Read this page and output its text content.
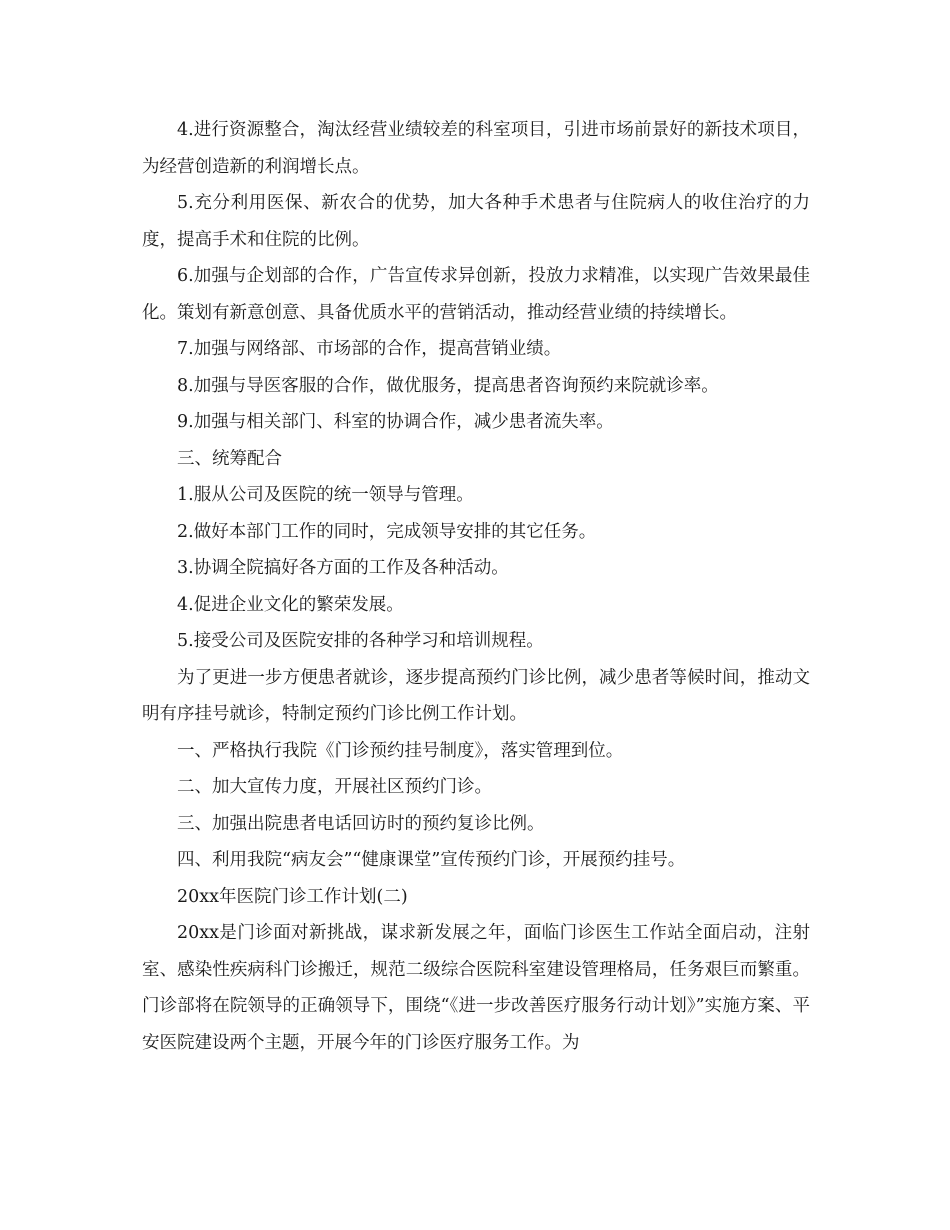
4.进行资源整合，淘汰经营业绩较差的科室项目，引进市场前景好的新技术项目，为经营创造新的利润增长点。

5.充分利用医保、新农合的优势，加大各种手术患者与住院病人的收住治疗的力度，提高手术和住院的比例。

6.加强与企划部的合作，广告宣传求异创新，投放力求精准，以实现广告效果最佳化。策划有新意创意、具备优质水平的营销活动，推动经营业绩的持续增长。

7.加强与网络部、市场部的合作，提高营销业绩。

8.加强与导医客服的合作，做优服务，提高患者咨询预约来院就诊率。

9.加强与相关部门、科室的协调合作，减少患者流失率。

三、统筹配合

1.服从公司及医院的统一领导与管理。

2.做好本部门工作的同时，完成领导安排的其它任务。

3.协调全院搞好各方面的工作及各种活动。

4.促进企业文化的繁荣发展。

5.接受公司及医院安排的各种学习和培训规程。

为了更进一步方便患者就诊，逐步提高预约门诊比例，减少患者等候时间，推动文明有序挂号就诊，特制定预约门诊比例工作计划。

一、严格执行我院《门诊预约挂号制度》，落实管理到位。

二、加大宣传力度，开展社区预约门诊。

三、加强出院患者电话回访时的预约复诊比例。

四、利用我院“病友会”“健康课堂”宣传预约门诊，开展预约挂号。

20xx年医院门诊工作计划(二)

20xx是门诊面对新挑战，谋求新发展之年，面临门诊医生工作站全面启动，注射室、感染性疾病科门诊搬迁，规范二级综合医院科室建设管理格局，任务艰巨而繁重。门诊部将在院领导的正确领导下，围绕“《进一步改善医疗服务行动计划》”实施方案、平安医院建设两个主题，开展今年的门诊医疗服务工作。为
